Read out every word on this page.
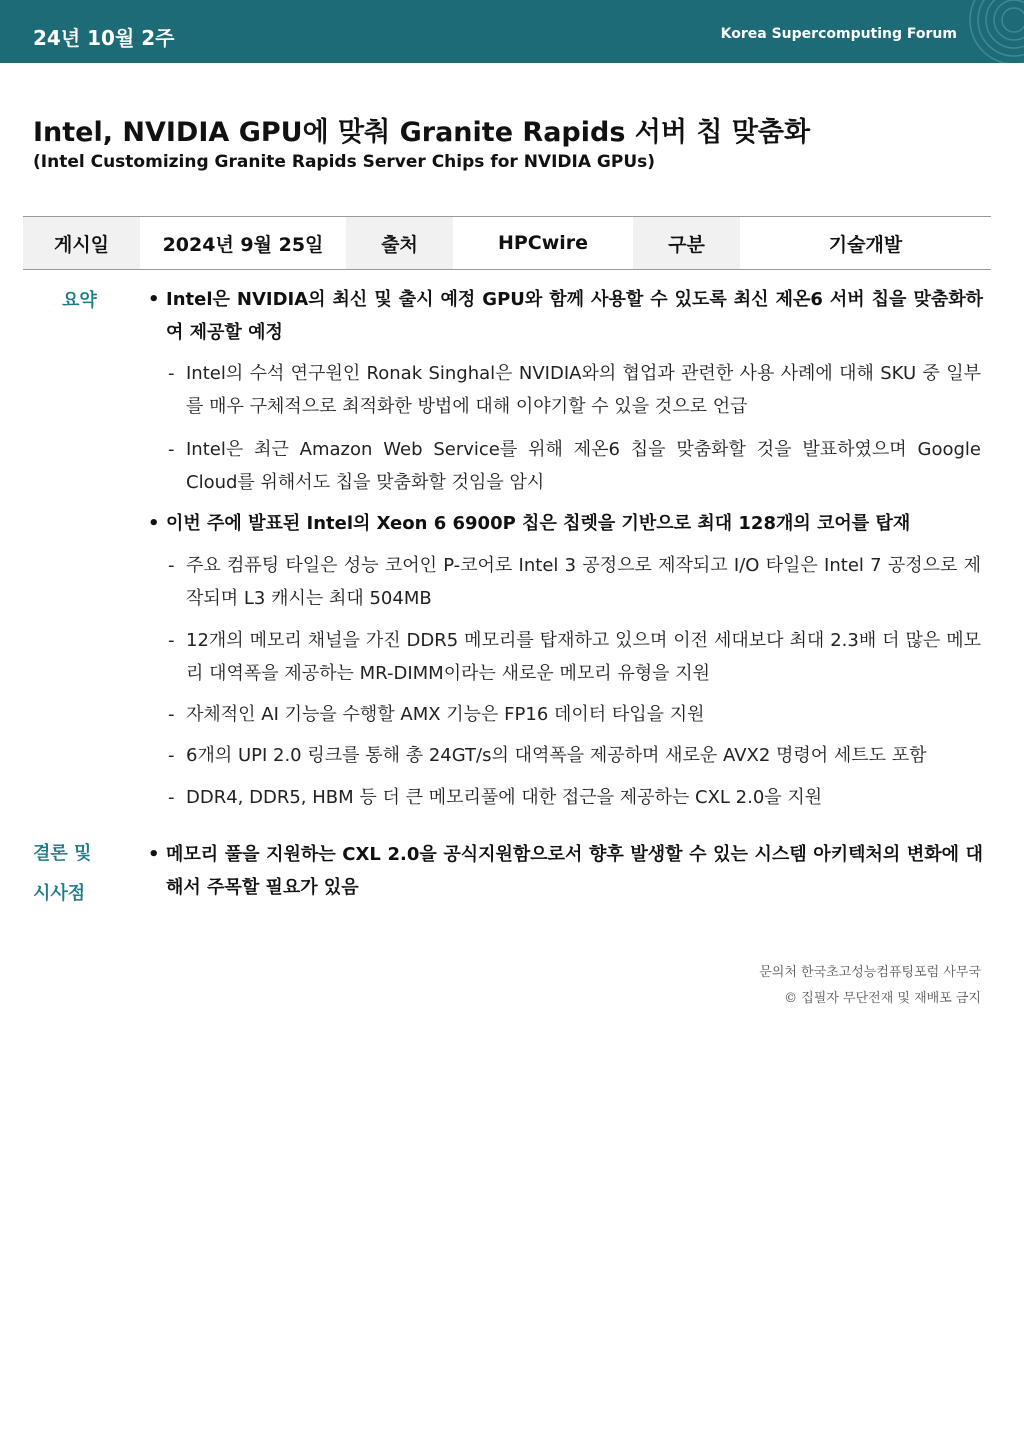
24년 10월 2주	Korea Supercomputing Forum
Intel, NVIDIA GPU에 맞춰 Granite Rapids 서버 칩 맞춤화
(Intel Customizing Granite Rapids Server Chips for NVIDIA GPUs)
게시일	2024년 9월 25일	출처	HPCwire	구분	기술개발
요약	• Intel은 NVIDIA의 최신 및 출시 예정 GPU와 함께 사용할 수 있도록 최신 제온6 서버 칩을 맞춤화하여 제공할 예정
- Intel의 수석 연구원인 Ronak Singhal은 NVIDIA와의 협업과 관련한 사용 사례에 대해 SKU 중 일부를 매우 구체적으로 최적화한 방법에 대해 이야기할 수 있을 것으로 언급
- Intel은 최근 Amazon Web Service를 위해 제온6 칩을 맞춤화할 것을 발표하였으며 Google Cloud를 위해서도 칩을 맞춤화할 것임을 암시
• 이번 주에 발표된 Intel의 Xeon 6 6900P 칩은 칩렛을 기반으로 최대 128개의 코어를 탑재
- 주요 컴퓨팅 타일은 성능 코어인 P-코어로 Intel 3 공정으로 제작되고 I/O 타일은 Intel 7 공정으로 제작되며 L3 캐시는 최대 504MB
- 12개의 메모리 채널을 가진 DDR5 메모리를 탑재하고 있으며 이전 세대보다 최대 2.3배 더 많은 메모리 대역폭을 제공하는 MR-DIMM이라는 새로운 메모리 유형을 지원
- 자체적인 AI 기능을 수행할 AMX 기능은 FP16 데이터 타입을 지원
- 6개의 UPI 2.0 링크를 통해 총 24GT/s의 대역폭을 제공하며 새로운 AVX2 명령어 세트도 포함
- DDR4, DDR5, HBM 등 더 큰 메모리풀에 대한 접근을 제공하는 CXL 2.0을 지원
결론 및
시사점
• 메모리 풀을 지원하는 CXL 2.0을 공식지원함으로서 향후 발생할 수 있는 시스템 아키텍처의 변화에 대해서 주목할 필요가 있음
문의처 한국초고성능컴퓨팅포럼 사무국
© 집필자 무단전재 및 재배포 금지
